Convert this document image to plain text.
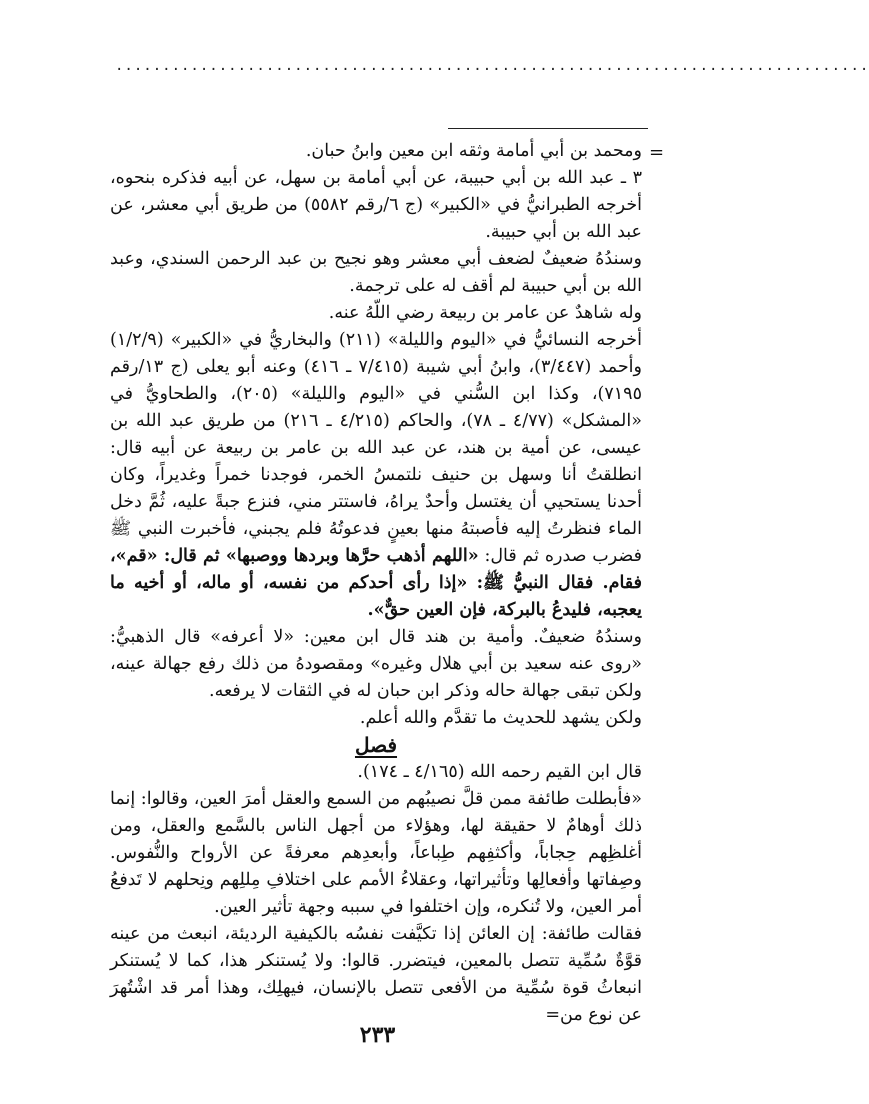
................................................................................
=

ومحمد بن أبي أمامة وثقه ابن معين وابنُ حبان.

٣ ـ عبد الله بن أبي حبيبة، عن أبي أمامة بن سهل، عن أبيه فذكره بنحوه، أخرجه الطبرانيُّ في «الكبير» (ج ٦/رقم ٥٥٨٢) من طريق أبي معشر، عن عبد الله بن أبي حبيبة.

وسندُهُ ضعيفٌ لضعف أبي معشر وهو نجيح بن عبد الرحمن السندي، وعبد الله بن أبي حبيبة لم أقف له على ترجمة.

وله شاهدٌ عن عامر بن ربيعة رضي اللّهُ عنه.

أخرجه النسائيُّ في «اليوم والليلة» (٢١١) والبخاريُّ في «الكبير» (١/٢/٩) وأحمد (٣/٤٤٧)، وابنُ أبي شيبة (٧/٤١٥ ـ ٤١٦) وعنه أبو يعلى (ج ١٣/رقم ٧١٩٥)، وكذا ابن السُّني في «اليوم والليلة» (٢٠٥)، والطحاويُّ في «المشكل» (٤/٧٧ ـ ٧٨)، والحاكم (٤/٢١٥ ـ ٢١٦) من طريق عبد الله بن عيسى، عن أمية بن هند، عن عبد الله بن عامر بن ربيعة عن أبيه قال: انطلقتُ أنا وسهل بن حنيف نلتمسُ الخمر، فوجدنا خمراً وغديراً، وكان أحدنا يستحيي أن يغتسل وأحدٌ يراهُ، فاستتر مني، فنزع جبةً عليه، ثُمَّ دخل الماء فنظرتُ إليه فأصبتهُ منها بعينٍ فدعوتُهُ فلم يجبني، فأخبرت النبي ﷺ فضرب صدره ثم قال: «اللهم أذهب حرَّها وبردها ووصبها» ثم قال: «قم»، فقام. فقال النبيُّ ﷺ: «إذا رأى أحدكم من نفسه، أو ماله، أو أخيه ما يعجبه، فليدعُ بالبركة، فإن العين حقٌّ».

وسندُهُ ضعيفٌ. وأمية بن هند قال ابن معين: «لا أعرفه» قال الذهبيُّ: «روى عنه سعيد بن أبي هلال وغيره» ومقصودهُ من ذلك رفع جهالة عينه، ولكن تبقى جهالة حاله وذكر ابن حبان له في الثقات لا يرفعه.

ولكن يشهد للحديث ما تقدَّم والله أعلم.

فصل

قال ابن القيم رحمه الله (٤/١٦٥ ـ ١٧٤).

«فأبطلت طائفة ممن قلَّ نصيبُهم من السمع والعقل أمرَ العين، وقالوا: إنما ذلك أوهامٌ لا حقيقة لها، وهؤلاء من أجهل الناس بالسَّمع والعقل، ومن أغلظِهم حِجاباً، وأكثفِهم طِباعاً، وأبعدِهم معرفةً عن الأرواح والنُّفوس. وصِفاتها وأفعالِها وتأثيراتها، وعقلاءُ الأمم على اختلافِ مِللِهم ونِحلهم لا تَدفعُ أمر العين، ولا تُنكره، وإن اختلفوا في سببه وجهة تأثير العين.

فقالت طائفة: إن العائن إذا تكيَّفت نفسُه بالكيفية الرديئة، انبعث من عينه قوَّةٌ سُمِّية تتصل بالمعين، فيتضرر. قالوا: ولا يُستنكر هذا، كما لا يُستنكر انبعاثُ قوة سُمِّية من الأفعى تتصل بالإنسان، فيهلِك، وهذا أمر قد اشْتُهرَ عن نوع من=

٢٣٣
